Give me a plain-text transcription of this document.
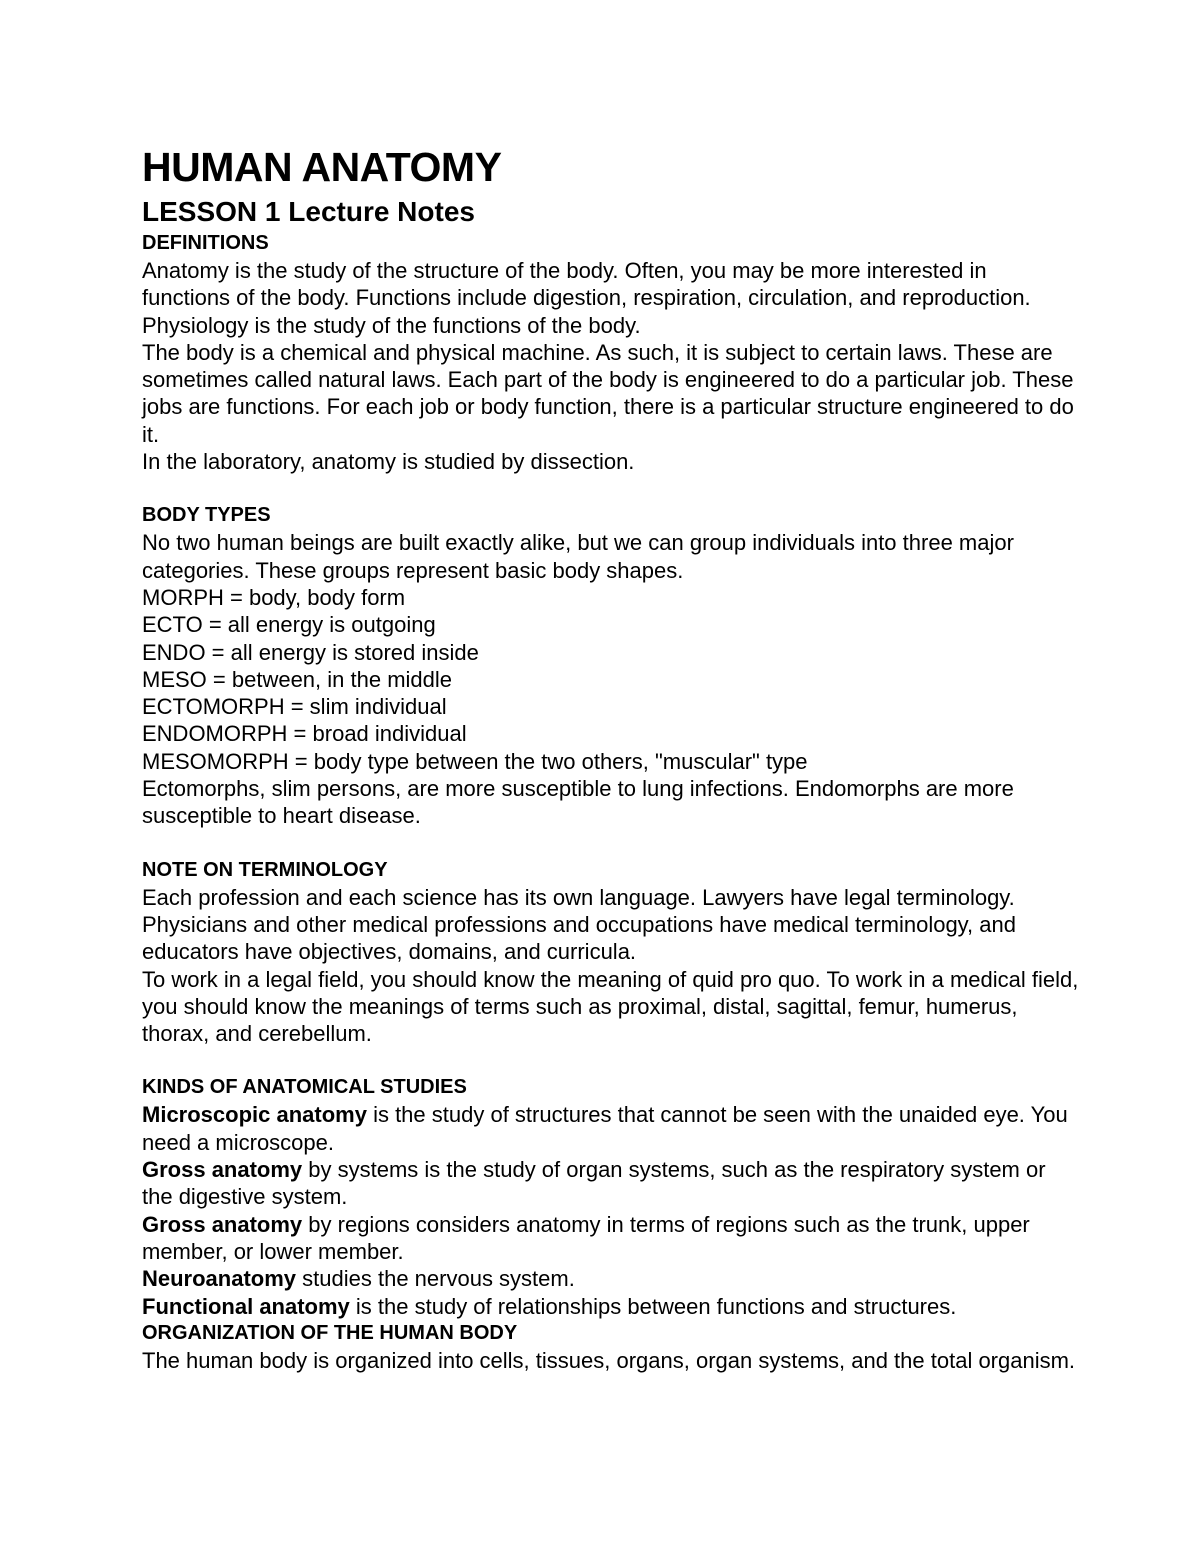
HUMAN ANATOMY
LESSON 1 Lecture Notes
DEFINITIONS

Anatomy is the study of the structure of the body. Often, you may be more interested in functions of the body. Functions include digestion, respiration, circulation, and reproduction.

Physiology is the study of the functions of the body.

The body is a chemical and physical machine. As such, it is subject to certain laws. These are sometimes called natural laws. Each part of the body is engineered to do a particular job. These jobs are functions. For each job or body function, there is a particular structure engineered to do it.

In the laboratory, anatomy is studied by dissection.

BODY TYPES

No two human beings are built exactly alike, but we can group individuals into three major categories. These groups represent basic body shapes.

MORPH = body, body form

ECTO = all energy is outgoing

ENDO = all energy is stored inside

MESO = between, in the middle

ECTOMORPH = slim individual

ENDOMORPH = broad individual

MESOMORPH = body type between the two others, "muscular" type

Ectomorphs, slim persons, are more susceptible to lung infections. Endomorphs are more susceptible to heart disease.

NOTE ON TERMINOLOGY

Each profession and each science has its own language. Lawyers have legal terminology. Physicians and other medical professions and occupations have medical terminology, and educators have objectives, domains, and curricula.

To work in a legal field, you should know the meaning of quid pro quo. To work in a medical field, you should know the meanings of terms such as proximal, distal, sagittal, femur, humerus, thorax, and cerebellum.

KINDS OF ANATOMICAL STUDIES

Microscopic anatomy is the study of structures that cannot be seen with the unaided eye. You need a microscope.

Gross anatomy by systems is the study of organ systems, such as the respiratory system or the digestive system.

Gross anatomy by regions considers anatomy in terms of regions such as the trunk, upper member, or lower member.

Neuroanatomy studies the nervous system.

Functional anatomy is the study of relationships between functions and structures.

ORGANIZATION OF THE HUMAN BODY

The human body is organized into cells, tissues, organs, organ systems, and the total organism.
